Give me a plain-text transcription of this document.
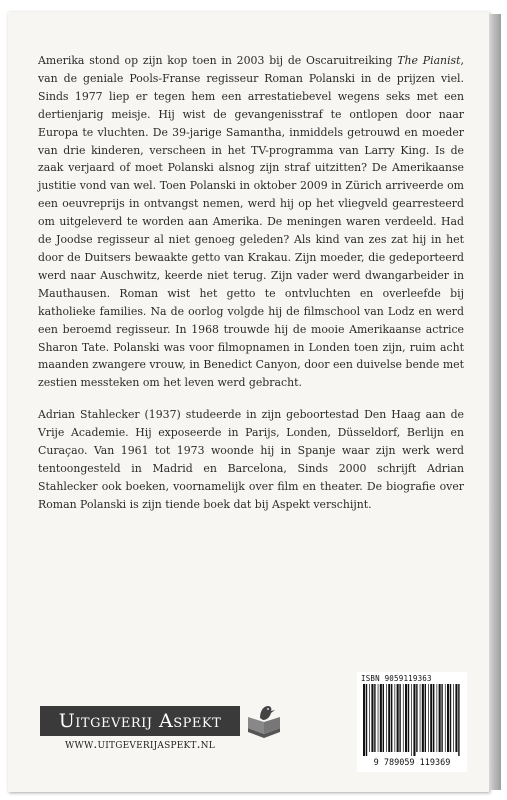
Amerika stond op zijn kop toen in 2003 bij de Oscaruitreiking The Pianist, van de geniale Pools-Franse regisseur Roman Polanski in de prijzen viel. Sinds 1977 liep er tegen hem een arrestatiebevel wegens seks met een dertienjarig meisje. Hij wist de gevangenisstraf te ontlopen door naar Europa te vluchten. De 39-jarige Samantha, inmiddels getrouwd en moeder van drie kinderen, verscheen in het TV-programma van Larry King. Is de zaak verjaard of moet Polanski alsnog zijn straf uitzitten? De Amerikaanse justitie vond van wel. Toen Polanski in oktober 2009 in Zürich arriveerde om een oeuvreprijs in ontvangst nemen, werd hij op het vliegveld gearresteerd om uitgeleverd te worden aan Amerika. De meningen waren verdeeld. Had de Joodse regisseur al niet genoeg geleden? Als kind van zes zat hij in het door de Duitsers bewaakte getto van Krakau. Zijn moeder, die gedeporteerd werd naar Auschwitz, keerde niet terug. Zijn vader werd dwangarbeider in Mauthausen. Roman wist het getto te ontvluchten en overleefde bij katholieke families. Na de oorlog volgde hij de filmschool van Lodz en werd een beroemd regisseur. In 1968 trouwde hij de mooie Amerikaanse actrice Sharon Tate. Polanski was voor filmopnamen in Londen toen zijn, ruim acht maanden zwangere vrouw, in Benedict Canyon, door een duivelse bende met zestien messteken om het leven werd gebracht.

Adrian Stahlecker (1937) studeerde in zijn geboortestad Den Haag aan de Vrije Academie. Hij exposeerde in Parijs, Londen, Düsseldorf, Berlijn en Curaçao. Van 1961 tot 1973 woonde hij in Spanje waar zijn werk werd tentoongesteld in Madrid en Barcelona, Sinds 2000 schrijft Adrian Stahlecker ook boeken, voornamelijk over film en theater. De biografie over Roman Polanski is zijn tiende boek dat bij Aspekt verschijnt.

ISBN 9059119363
9 789059 119369
Uitgeverij Aspekt
www.uitgeverijaspekt.nl
